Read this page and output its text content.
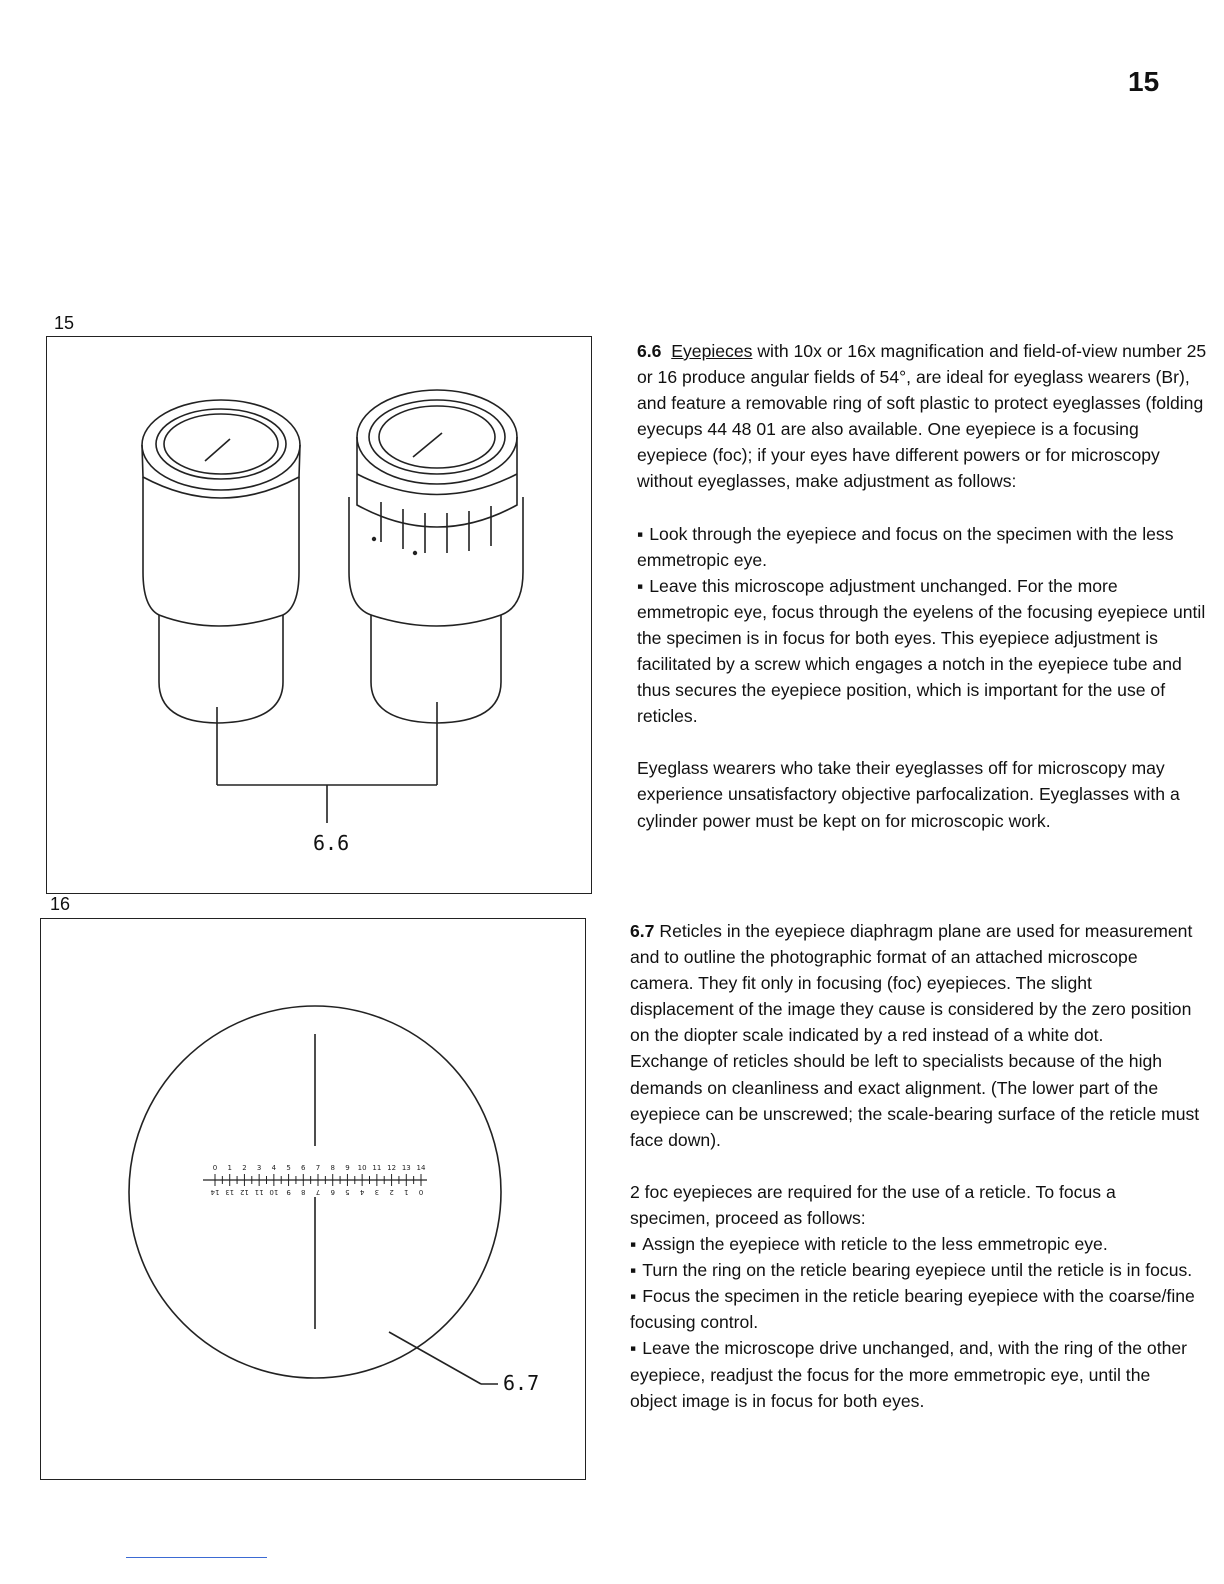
15
15
6.6
16
0 1 2 3 4 5 6 7 8 9 10 11 12 13 14
14 13 12 11 10 9 8 7 6 5 4 3 2 1 0
6.7

6.6 Eyepieces with 10x or 16x magnification and field-of-view number 25 or 16 produce angular fields of 54°, are ideal for eyeglass wearers (Br), and feature a removable ring of soft plastic to protect eyeglasses (folding eyecups 44 48 01 are also available. One eyepiece is a focusing eyepiece (foc); if your eyes have different powers or for microscopy without eyeglasses, make adjustment as follows:

▪ Look through the eyepiece and focus on the specimen with the less emmetropic eye.

▪ Leave this microscope adjustment unchanged. For the more emmetropic eye, focus through the eyelens of the focusing eyepiece until the specimen is in focus for both eyes. This eyepiece adjustment is facilitated by a screw which engages a notch in the eyepiece tube and thus secures the eyepiece position, which is important for the use of reticles.

Eyeglass wearers who take their eyeglasses off for microscopy may experience unsatisfactory objective parfocalization. Eyeglasses with a cylinder power must be kept on for microscopic work.

6.7 Reticles in the eyepiece diaphragm plane are used for measurement and to outline the photographic format of an attached microscope camera. They fit only in focusing (foc) eyepieces. The slight displacement of the image they cause is considered by the zero position on the diopter scale indicated by a red instead of a white dot.

Exchange of reticles should be left to specialists because of the high demands on cleanliness and exact alignment. (The lower part of the eyepiece can be unscrewed; the scale-bearing surface of the reticle must face down).

2 foc eyepieces are required for the use of a reticle. To focus a specimen, proceed as follows:

▪ Assign the eyepiece with reticle to the less emmetropic eye.

▪ Turn the ring on the reticle bearing eyepiece until the reticle is in focus.

▪ Focus the specimen in the reticle bearing eyepiece with the coarse/fine focusing control.

▪ Leave the microscope drive unchanged, and, with the ring of the other eyepiece, readjust the focus for the more emmetropic eye, until the object image is in focus for both eyes.
